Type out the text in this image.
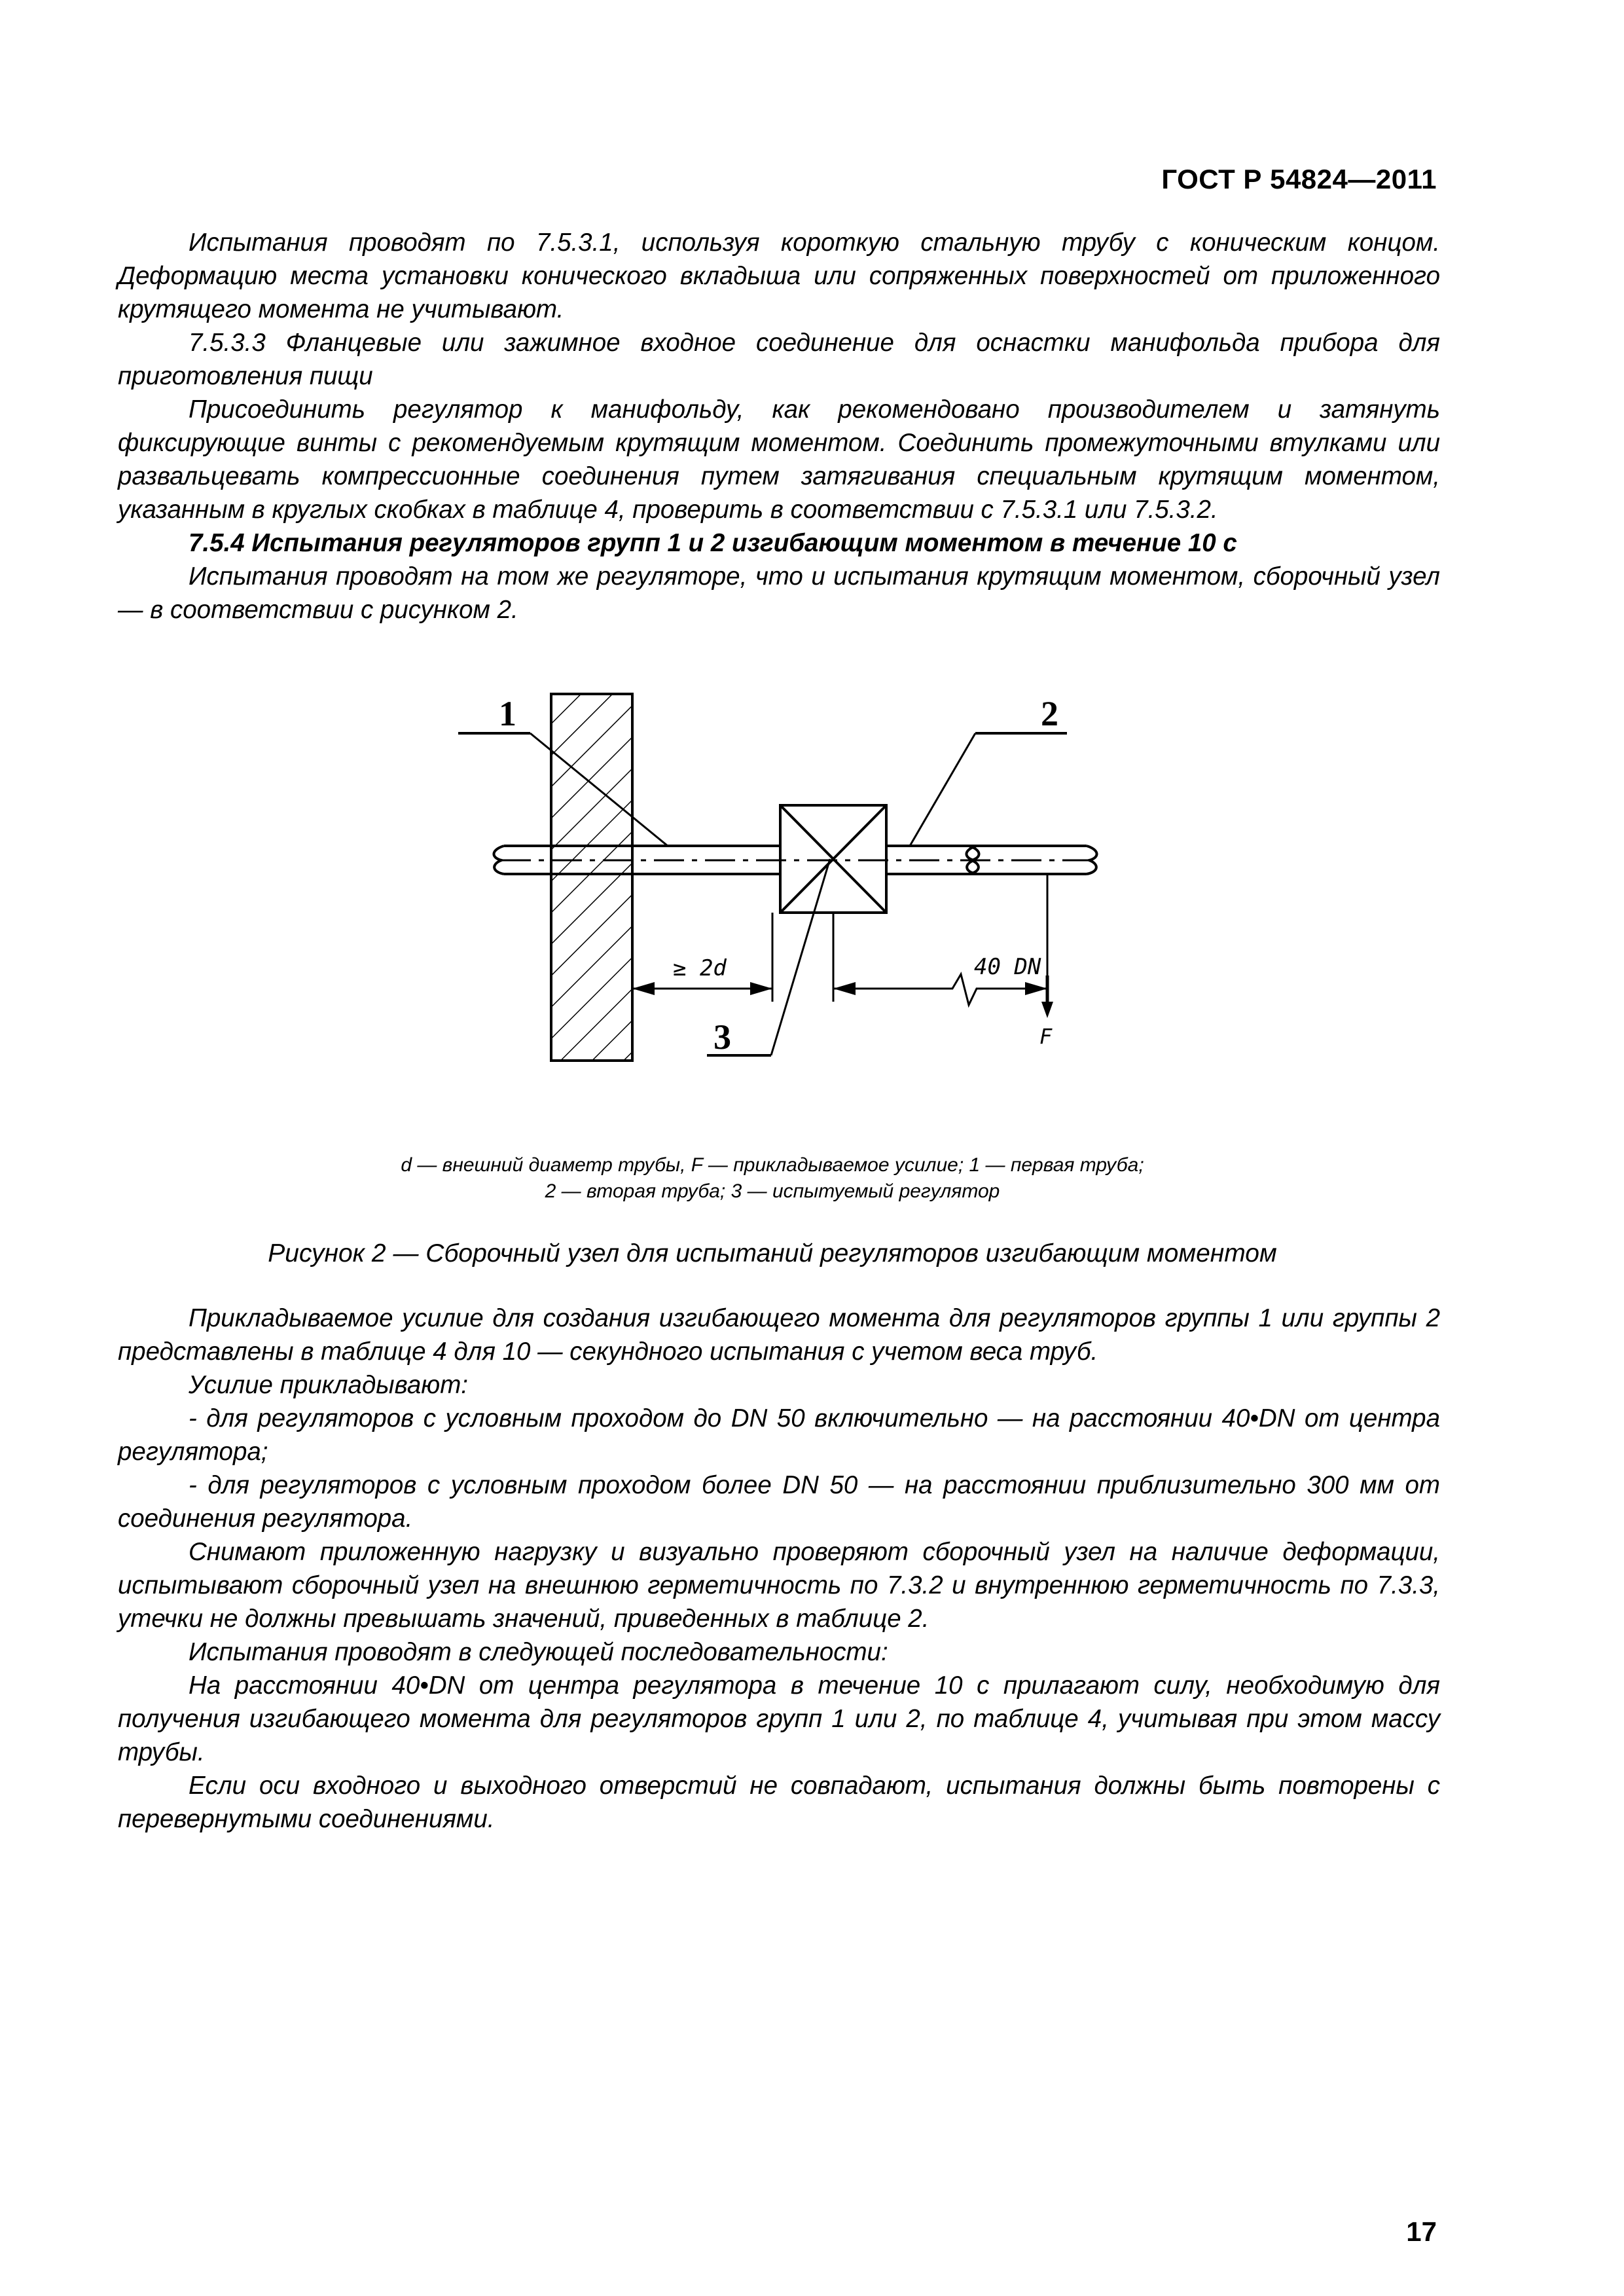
ГОСТ Р 54824—2011

Испытания проводят по 7.5.3.1, используя короткую стальную трубу с коническим концом. Деформацию места установки конического вкладыша или сопряженных поверхностей от приложенного крутящего момента не учитывают.

7.5.3.3 Фланцевые или зажимное входное соединение для оснастки манифольда прибора для приготовления пищи

Присоединить регулятор к манифольду, как рекомендовано производителем и затянуть фиксирующие винты с рекомендуемым крутящим моментом. Соединить промежуточными втулками или развальцевать компрессионные соединения путем затягивания специальным крутящим моментом, указанным в круглых скобках в таблице 4, проверить в соответствии с 7.5.3.1 или 7.5.3.2.

7.5.4 Испытания регуляторов групп 1 и 2 изгибающим моментом в течение 10 с

Испытания проводят на том же регуляторе, что и испытания крутящим моментом, сборочный узел — в соответствии с рисунком 2.

1	2
3
≥ 2d	40 DN
F
d — внешний диаметр трубы, F — прикладываемое усилие; 1 — первая труба;
2 — вторая труба; 3 — испытуемый регулятор
Рисунок 2 — Сборочный узел для испытаний регуляторов изгибающим моментом

Прикладываемое усилие для создания изгибающего момента для регуляторов группы 1 или группы 2 представлены в таблице 4 для 10 — секундного испытания с учетом веса труб.

Усилие прикладывают:

- для регуляторов с условным проходом до DN 50 включительно — на расстоянии 40•DN от центра регулятора;

- для регуляторов с условным проходом более DN 50 — на расстоянии приблизительно 300 мм от соединения регулятора.

Снимают приложенную нагрузку и визуально проверяют сборочный узел на наличие деформации, испытывают сборочный узел на внешнюю герметичность по 7.3.2 и внутреннюю герметичность по 7.3.3, утечки не должны превышать значений, приведенных в таблице 2.

Испытания проводят в следующей последовательности:

На расстоянии 40•DN от центра регулятора в течение 10 с прилагают силу, необходимую для получения изгибающего момента для регуляторов групп 1 или 2, по таблице 4, учитывая при этом массу трубы.

Если оси входного и выходного отверстий не совпадают, испытания должны быть повторены с перевернутыми соединениями.

17
